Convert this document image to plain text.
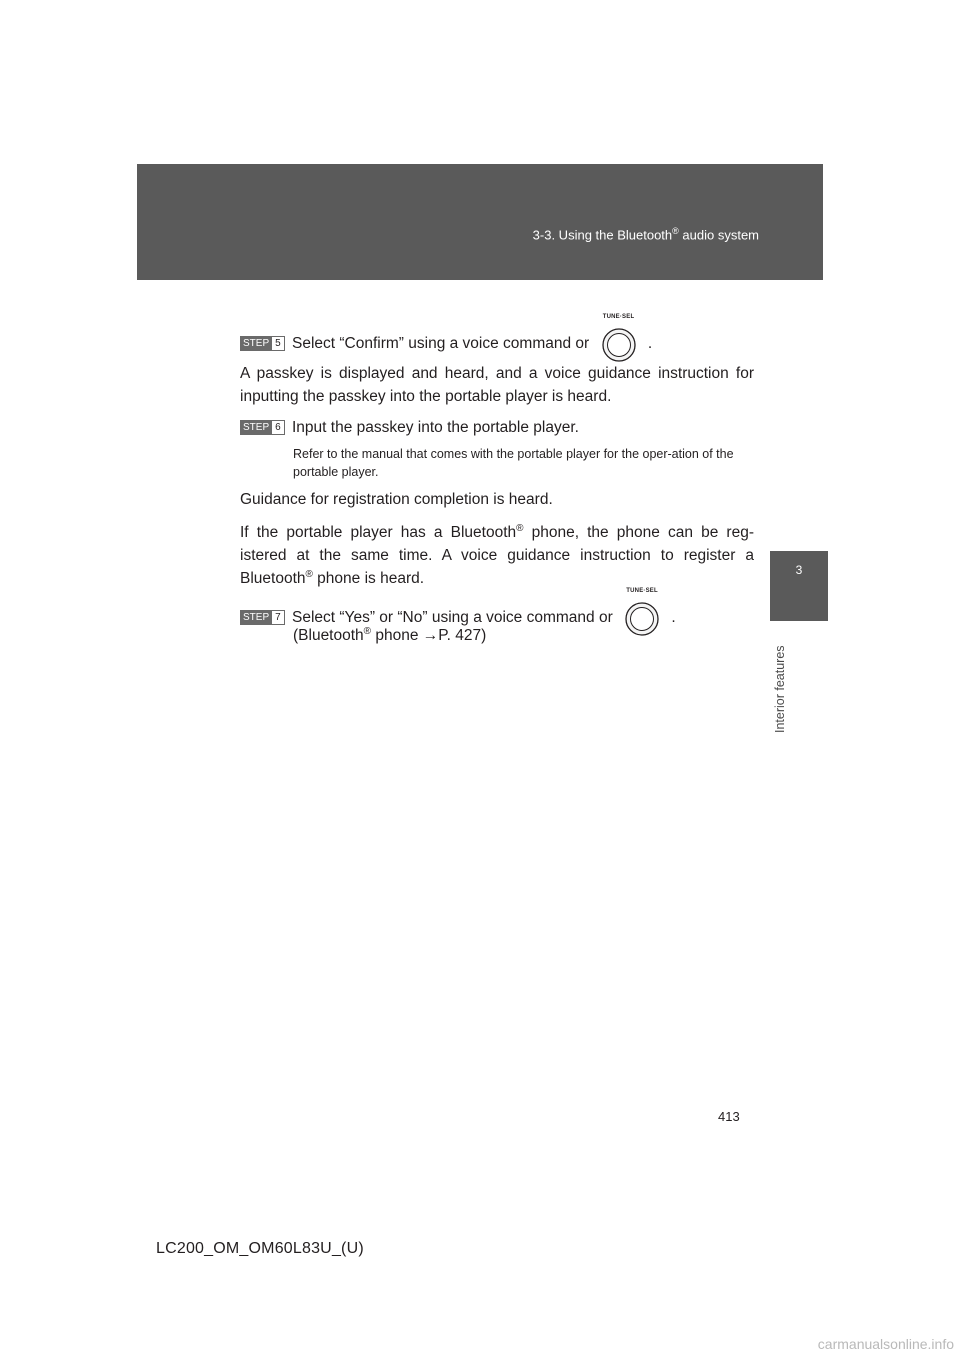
3-3. Using the Bluetooth® audio system
3
Interior features
STEP 5 Select “Confirm” using a voice command or
TUNE·SEL
.

A passkey is displayed and heard, and a voice guidance instruction for inputting the passkey into the portable player is heard.

STEP 6 Input the passkey into the portable player.

Refer to the manual that comes with the portable player for the oper-ation of the portable player.

Guidance for registration completion is heard.

If the portable player has a Bluetooth® phone, the phone can be reg-istered at the same time. A voice guidance instruction to register a Bluetooth® phone is heard.

STEP 7 Select “Yes” or “No” using a voice command or
TUNE·SEL
.
(Bluetooth® phone →P. 427)
413
LC200_OM_OM60L83U_(U)
carmanualsonline.info
